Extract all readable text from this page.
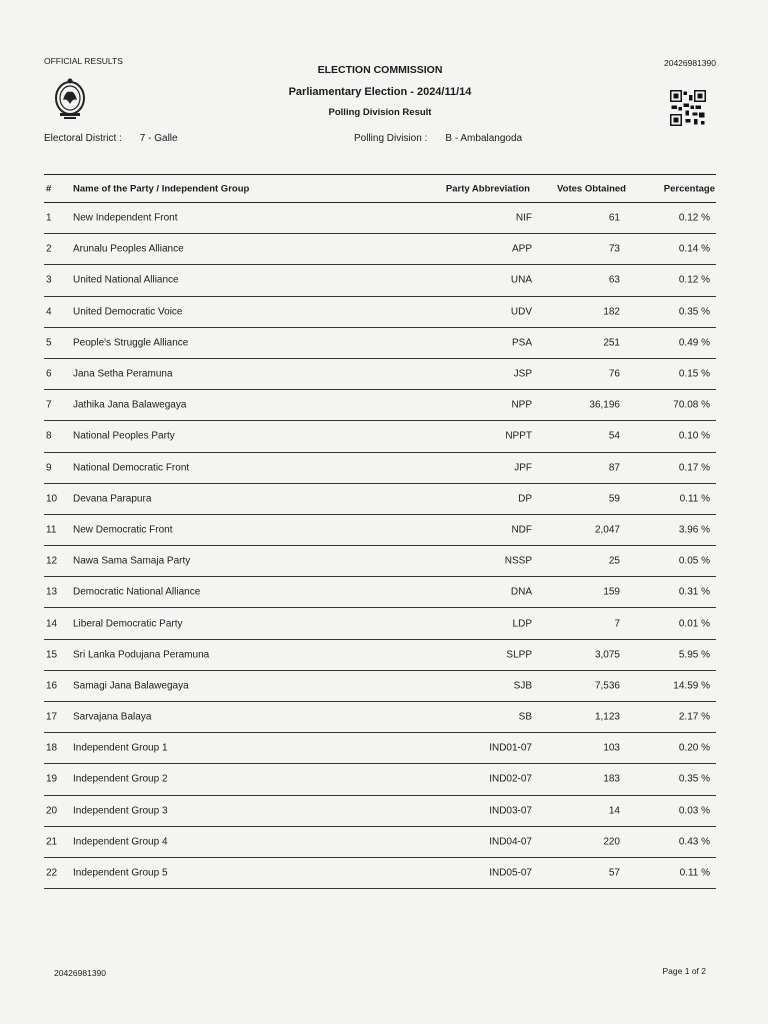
OFFICIAL RESULTS	20426981390
ELECTION COMMISSION
Parliamentary Election - 2024/11/14
Polling Division Result
Electoral District : 7 - Galle	Polling Division : B - Ambalangoda
# Name of the Party / Independent Group	Party Abbreviation	Votes Obtained	Percentage
1 New Independent Front	NIF	61	0.12 %
2 Arunalu Peoples Alliance	APP	73	0.14 %
3 United National Alliance	UNA	63	0.12 %
4 United Democratic Voice	UDV	182	0.35 %
5 People's Struggle Alliance	PSA	251	0.49 %
6 Jana Setha Peramuna	JSP	76	0.15 %
7 Jathika Jana Balawegaya	NPP	36,196	70.08 %
8 National Peoples Party	NPPT	54	0.10 %
9 National Democratic Front	JPF	87	0.17 %
10 Devana Parapura	DP	59	0.11 %
11 New Democratic Front	NDF	2,047	3.96 %
12 Nawa Sama Samaja Party	NSSP	25	0.05 %
13 Democratic National Alliance	DNA	159	0.31 %
14 Liberal Democratic Party	LDP	7	0.01 %
15 Sri Lanka Podujana Peramuna	SLPP	3,075	5.95 %
16 Samagi Jana Balawegaya	SJB	7,536	14.59 %
17 Sarvajana Balaya	SB	1,123	2.17 %
18 Independent Group 1	IND01-07	103	0.20 %
19 Independent Group 2	IND02-07	183	0.35 %
20 Independent Group 3	IND03-07	14	0.03 %
21 Independent Group 4	IND04-07	220	0.43 %
22 Independent Group 5	IND05-07	57	0.11 %
20426981390	Page 1 of 2
